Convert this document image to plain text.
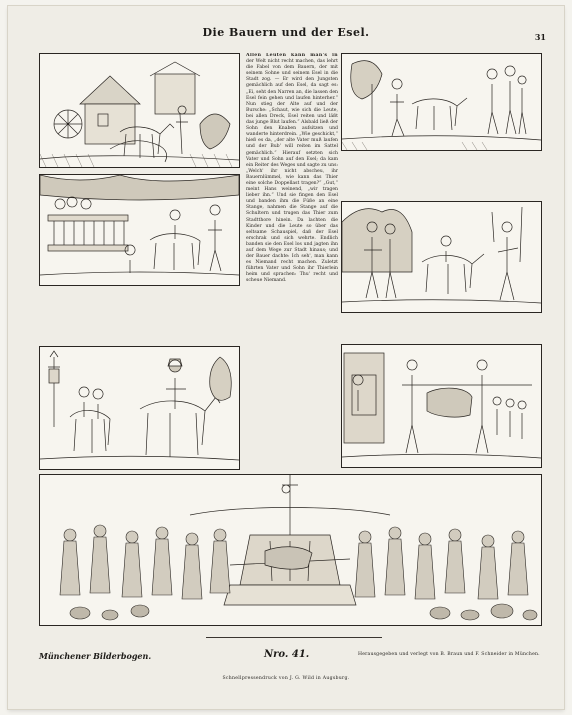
Die Bauern und der Esel.	31
Allen Leuten kann man's in der Welt nicht recht machen, das lehrt die Fabel von dem Bauern, der mit seinem Sohne und seinem Esel in die Stadt zog. — Er wird den Jungsten gemächlich auf den Esel, da sagt es: „Ei, seht den Narren an, die lassen den Esel fein gehen und laufen hinterher.“ Nun stieg der Alte auf und der Bursche: „Schaut, wie sich die Leute, bei allen Dreck, Esel reiten und läßt das junge Blut laufen.“ Alsbald ließ der Sohn den Knaben aufsitzen und wanderte hinterdrein. „Wie geschickt,“ hieß es da, „der alte Vater muß laufen und der Bub' will reiten im Sattel gemächlich.“ Hierauf setzten sich Vater und Sohn auf den Esel; da kam ein Reiter des Weges und sagte zu uns: „Welch' ihr nicht abscheu, ihr Bauernlümmel, wie kann das Thier eine solche Doppellast tragen?“ „Gut,“ meint Hans weinend, „wir tragen lieber ihn.“ Und sie fingen den Esel und banden ihm die Füße an eine Stange, nahmen die Stange auf die Schultern und trugen das Thier zum Stadtthore hinein. Da lachten die Kinder und die Leute so über das seltsame Schauspiel, daß der Esel erschrak und sich wehrte. Endlich banden sie den Esel los und jagten ihn auf dem Wege zur Stadt hinaus; und der Bauer dachte: Ich seh', man kann es Niemand recht machen. Zuletzt führten Vater und Sohn ihr Thierlein heim und sprachen: Thu' recht und scheue Niemand.
Münchener Bilderbogen.	Nro. 41.	Herausgegeben und verlegt von B. Braun und F. Schneider in München.
Schnellpressendruck von J. G. Wild in Augsburg.
